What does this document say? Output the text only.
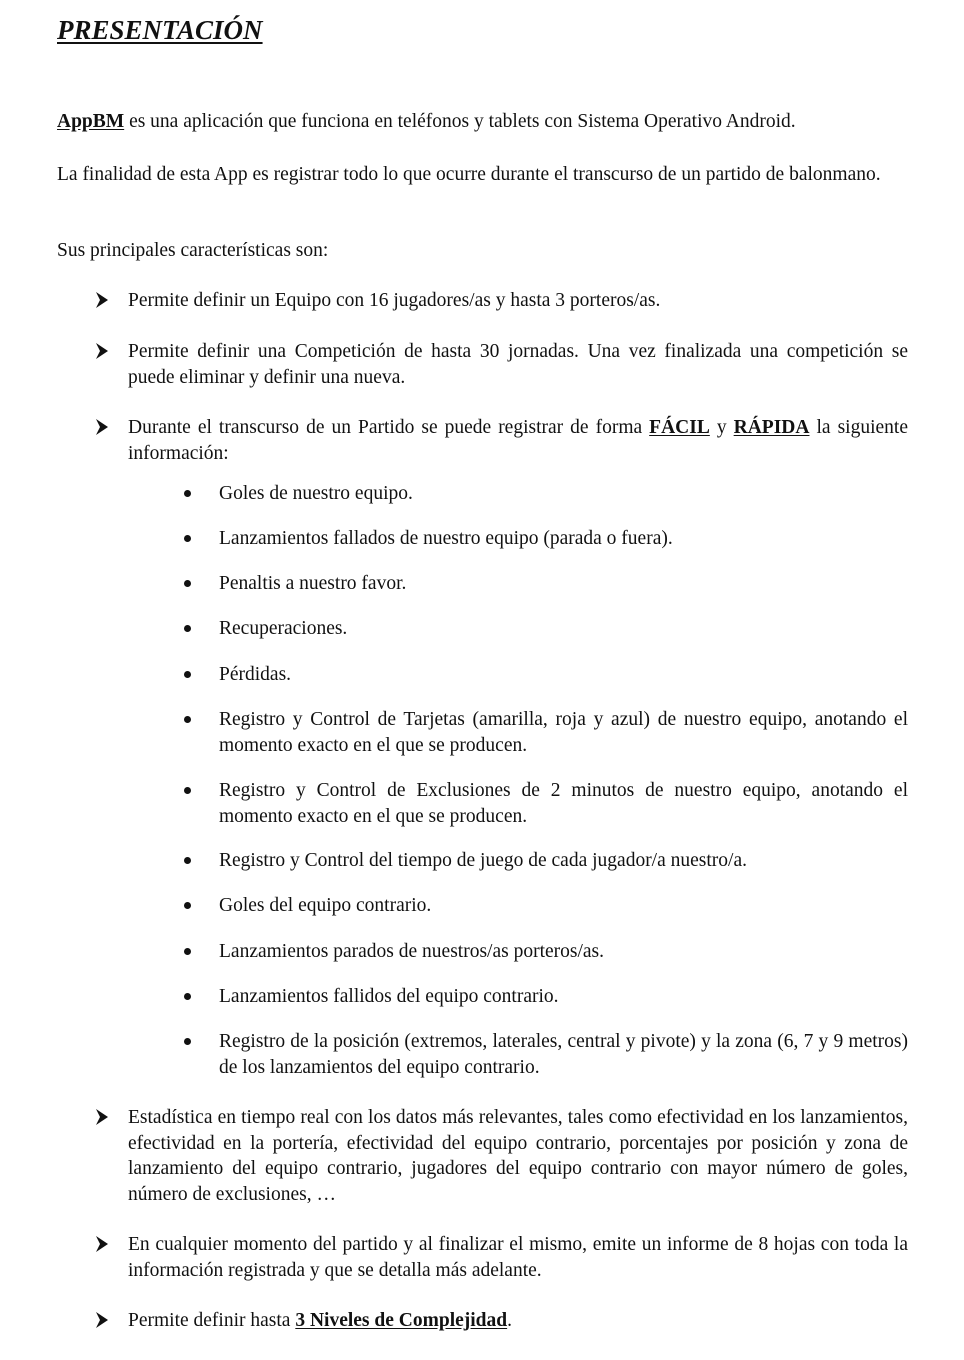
PRESENTACIÓN

AppBM es una aplicación que funciona en teléfonos y tablets con Sistema Operativo Android.

La finalidad de esta App es registrar todo lo que ocurre durante el transcurso de un partido de balonmano.

Sus principales características son:

Permite definir un Equipo con 16 jugadores/as y hasta 3 porteros/as.

Permite definir una Competición de hasta 30 jornadas. Una vez finalizada una competición se puede eliminar y definir una nueva.

Durante el transcurso de un Partido se puede registrar de forma FÁCIL y RÁPIDA la siguiente información:

Goles de nuestro equipo.

Lanzamientos fallados de nuestro equipo (parada o fuera).

Penaltis a nuestro favor.

Recuperaciones.

Pérdidas.

Registro y Control de Tarjetas (amarilla, roja y azul) de nuestro equipo, anotando el momento exacto en el que se producen.

Registro y Control de Exclusiones de 2 minutos de nuestro equipo, anotando el momento exacto en el que se producen.

Registro y Control del tiempo de juego de cada jugador/a nuestro/a.

Goles del equipo contrario.

Lanzamientos parados de nuestros/as porteros/as.

Lanzamientos fallidos del equipo contrario.

Registro de la posición (extremos, laterales, central y pivote) y la zona (6, 7 y 9 metros) de los lanzamientos del equipo contrario.

Estadística en tiempo real con los datos más relevantes, tales como efectividad en los lanzamientos, efectividad en la portería, efectividad del equipo contrario, porcentajes por posición y zona de lanzamiento del equipo contrario, jugadores del equipo contrario con mayor número de goles, número de exclusiones, …

En cualquier momento del partido y al finalizar el mismo, emite un informe de 8 hojas con toda la información registrada y que se detalla más adelante.

Permite definir hasta 3 Niveles de Complejidad.
